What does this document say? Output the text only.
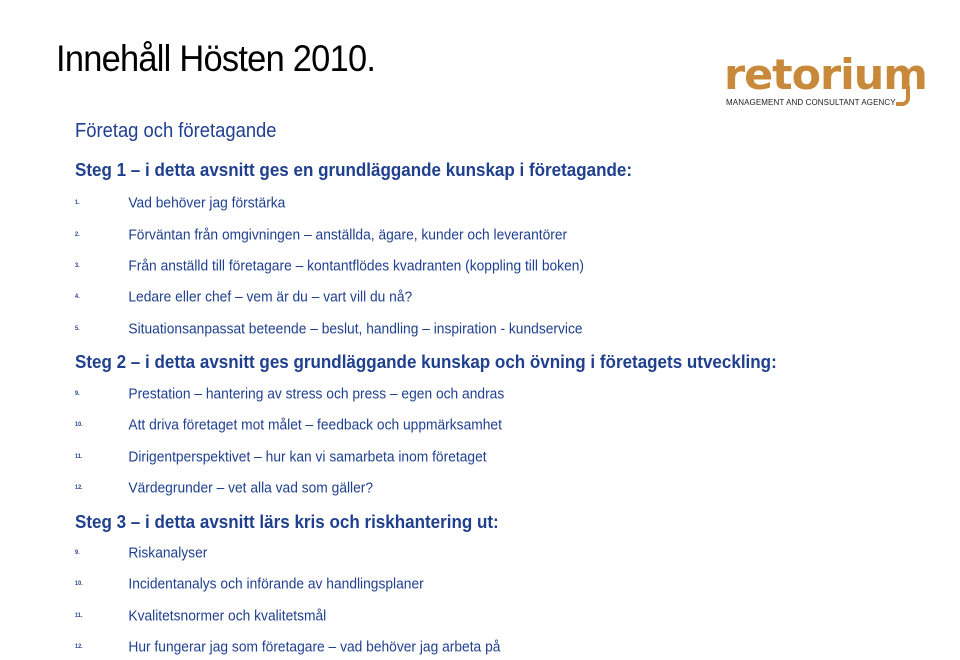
Innehåll Hösten 2010.	retorium
MANAGEMENT AND CONSULTANT AGENCY
Företag och företagande
Steg 1 – i detta avsnitt ges en grundläggande kunskap i företagande:
1.	Vad behöver jag förstärka
2.	Förväntan från omgivningen – anställda, ägare, kunder och leverantörer
3.	Från anställd till företagare – kontantflödes kvadranten (koppling till boken)
4.	Ledare eller chef – vem är du – vart vill du nå?
5.	Situationsanpassat beteende – beslut, handling – inspiration - kundservice
Steg 2 – i detta avsnitt ges grundläggande kunskap och övning i företagets utveckling:
9.	Prestation – hantering av stress och press – egen och andras
10.	Att driva företaget mot målet – feedback och uppmärksamhet
11.	Dirigentperspektivet – hur kan vi samarbeta inom företaget
12.	Värdegrunder – vet alla vad som gäller?
Steg 3 – i detta avsnitt lärs kris och riskhantering ut:
9.	Riskanalyser
10.	Incidentanalys och införande av handlingsplaner
11.	Kvalitetsnormer och kvalitetsmål
12.	Hur fungerar jag som företagare – vad behöver jag arbeta på
